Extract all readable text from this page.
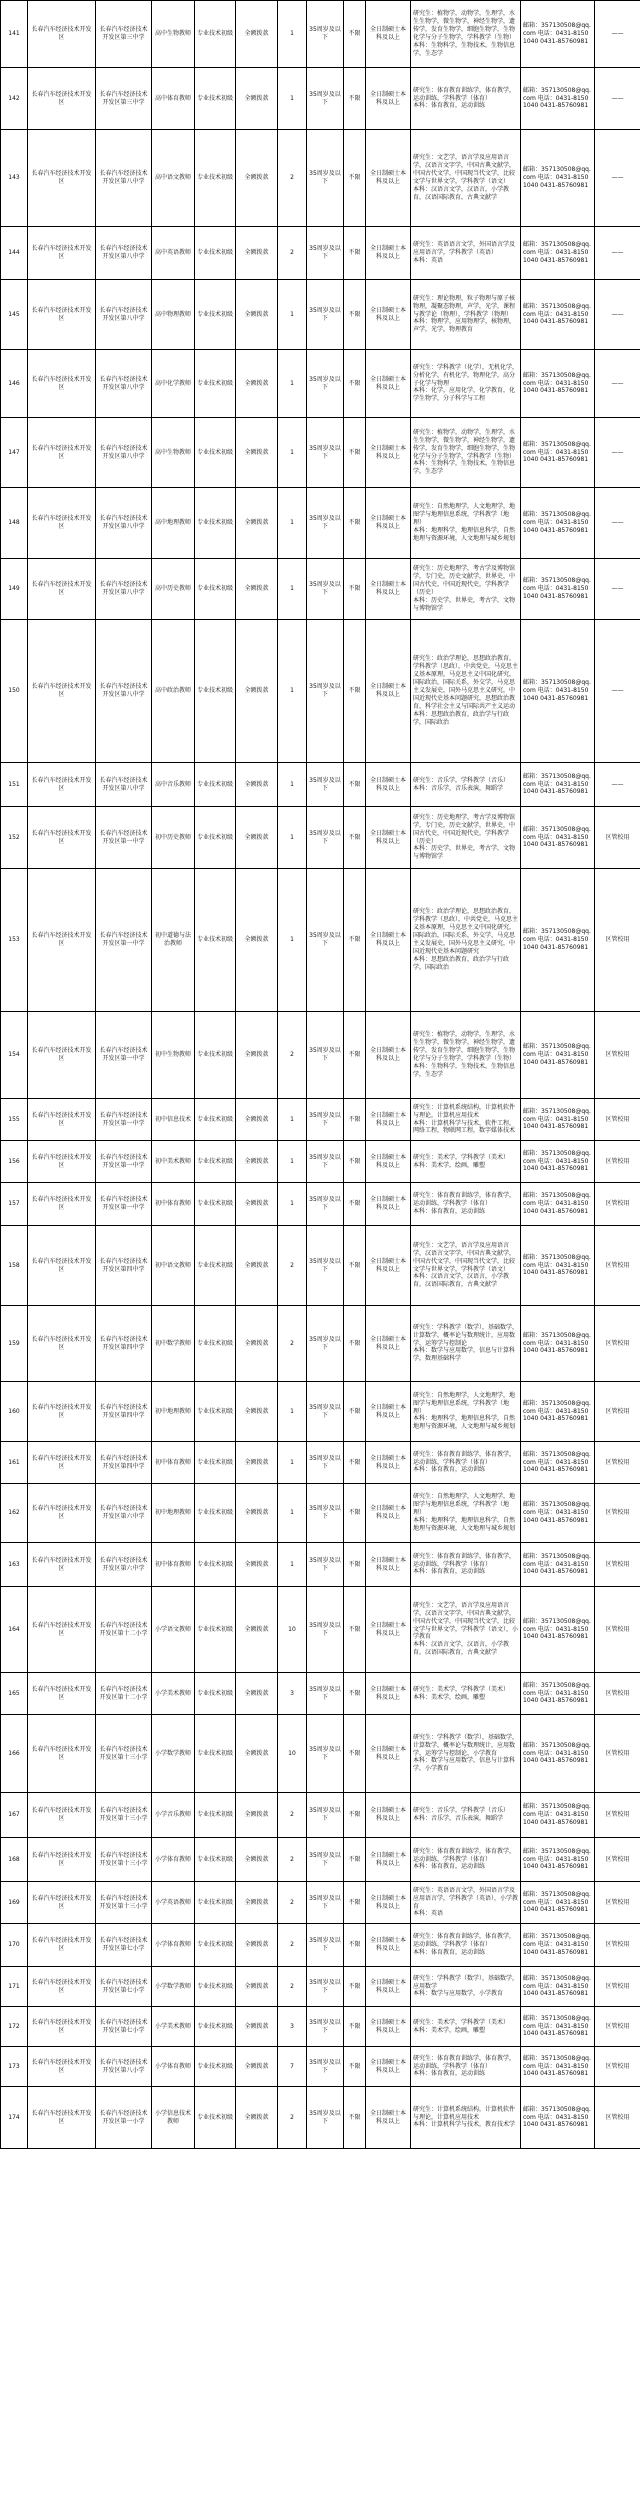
141	长春汽车经济技术开发区	长春汽车经济技术开发区第三中学	高中生物教师	专业技术初级	全额拨款	1	35周岁及以下	不限	全日制硕士本科及以上	研究生：植物学，动物学，生理学，水生生物学，微生物学，神经生物学，遗传学，发育生物学，细胞生物学，生物化学与分子生物学，学科教学（生物）
本科：生物科学，生物技术，生物信息学，生态学	邮箱：357130508@qq.com 电话：0431-81501040 0431-85760981	——
142	长春汽车经济技术开发区	长春汽车经济技术开发区第三中学	高中体育教师	专业技术初级	全额拨款	1	35周岁及以下	不限	全日制硕士本科及以上	研究生：体育教育训练学，体育教学，运动训练，学科教学（体育）
本科：体育教育，运动训练	邮箱：357130508@qq.com 电话：0431-81501040 0431-85760981	——
143	长春汽车经济技术开发区	长春汽车经济技术开发区第八中学	高中语文教师	专业技术初级	全额拨款	2	35周岁及以下	不限	全日制硕士本科及以上	研究生：文艺学，语言学及应用语言学，汉语言文字学，中国古典文献学，中国古代文学，中国现当代文学，比较文学与世界文学，学科教学（语文）
本科：汉语言文学，汉语言，小学教育，汉语国际教育，古典文献学	邮箱：357130508@qq.com 电话：0431-81501040 0431-85760981	——
144	长春汽车经济技术开发区	长春汽车经济技术开发区第八中学	高中英语教师	专业技术初级	全额拨款	2	35周岁及以下	不限	全日制硕士本科及以上	研究生：英语语言文学，外国语言学及应用语言学，学科教学（英语）
本科：英语	邮箱：357130508@qq.com 电话：0431-81501040 0431-85760981	——
145	长春汽车经济技术开发区	长春汽车经济技术开发区第八中学	高中物理教师	专业技术初级	全额拨款	1	35周岁及以下	不限	全日制硕士本科及以上	研究生：理论物理，粒子物理与原子核物理，凝聚态物理，声学，光学，课程与教学论（物理），学科教学（物理）
本科：物理学，应用物理学，核物理，声学，光学，物理教育	邮箱：357130508@qq.com 电话：0431-81501040 0431-85760981	——
146	长春汽车经济技术开发区	长春汽车经济技术开发区第八中学	高中化学教师	专业技术初级	全额拨款	1	35周岁及以下	不限	全日制硕士本科及以上	研究生：学科教学（化学），无机化学，分析化学，有机化学，物理化学，高分子化学与物理
本科：化学，应用化学，化学教育，化学生物学，分子科学与工程	邮箱：357130508@qq.com 电话：0431-81501040 0431-85760981	——
147	长春汽车经济技术开发区	长春汽车经济技术开发区第八中学	高中生物教师	专业技术初级	全额拨款	1	35周岁及以下	不限	全日制硕士本科及以上	研究生：植物学，动物学，生理学，水生生物学，微生物学，神经生物学，遗传学，发育生物学，细胞生物学，生物化学与分子生物学，学科教学（生物）
本科：生物科学，生物技术，生物信息学，生态学	邮箱：357130508@qq.com 电话：0431-81501040 0431-85760981	——
148	长春汽车经济技术开发区	长春汽车经济技术开发区第八中学	高中地理教师	专业技术初级	全额拨款	1	35周岁及以下	不限	全日制硕士本科及以上	研究生：自然地理学，人文地理学，地图学与地理信息系统，学科教学（地理）
本科：地理科学，地理信息科学，自然地理与资源环境，人文地理与城乡规划	邮箱：357130508@qq.com 电话：0431-81501040 0431-85760981	——
149	长春汽车经济技术开发区	长春汽车经济技术开发区第八中学	高中历史教师	专业技术初级	全额拨款	1	35周岁及以下	不限	全日制硕士本科及以上	研究生：历史地理学，考古学及博物馆学，专门史，历史文献学，世界史，中国古代史，中国近现代史，学科教学（历史）
本科：历史学，世界史，考古学，文物与博物馆学	邮箱：357130508@qq.com 电话：0431-81501040 0431-85760981	——
150	长春汽车经济技术开发区	长春汽车经济技术开发区第八中学	高中政治教师	专业技术初级	全额拨款	1	35周岁及以下	不限	全日制硕士本科及以上	研究生：政治学理论，思想政治教育，学科教学（思政），中共党史，马克思主义基本原理，马克思主义中国化研究，国际政治，国际关系，外交学，马克思主义发展史，国外马克思主义研究，中国近现代史基本问题研究，思想政治教育，科学社会主义与国际共产主义运动
本科：思想政治教育，政治学与行政学，国际政治	邮箱：357130508@qq.com 电话：0431-81501040 0431-85760981	——
151	长春汽车经济技术开发区	长春汽车经济技术开发区第八中学	高中音乐教师	专业技术初级	全额拨款	1	35周岁及以下	不限	全日制硕士本科及以上	研究生：音乐学，学科教学（音乐）
本科：音乐学，音乐表演，舞蹈学	邮箱：357130508@qq.com 电话：0431-81501040 0431-85760981	——
152	长春汽车经济技术开发区	长春汽车经济技术开发区第一中学	初中历史教师	专业技术初级	全额拨款	1	35周岁及以下	不限	全日制硕士本科及以上	研究生：历史地理学，考古学及博物馆学，专门史，历史文献学，世界史，中国古代史，中国近现代史，学科教学（历史）
本科：历史学，世界史，考古学，文物与博物馆学	邮箱：357130508@qq.com 电话：0431-81501040 0431-85760981	区管校用
153	长春汽车经济技术开发区	长春汽车经济技术开发区第一中学	初中道德与法治教师	专业技术初级	全额拨款	1	35周岁及以下	不限	全日制硕士本科及以上	研究生：政治学理论，思想政治教育，学科教学（思政），中共党史，马克思主义基本原理，马克思主义中国化研究，国际政治，国际关系，外交学，马克思主义发展史，国外马克思主义研究，中国近现代史基本问题研究
本科：思想政治教育，政治学与行政学，国际政治	邮箱：357130508@qq.com 电话：0431-81501040 0431-85760981	区管校用
154	长春汽车经济技术开发区	长春汽车经济技术开发区第一中学	初中生物教师	专业技术初级	全额拨款	2	35周岁及以下	不限	全日制硕士本科及以上	研究生：植物学，动物学，生理学，水生生物学，微生物学，神经生物学，遗传学，发育生物学，细胞生物学，生物化学与分子生物学，学科教学（生物）
本科：生物科学，生物技术，生物信息学，生态学	邮箱：357130508@qq.com 电话：0431-81501040 0431-85760981	区管校用
155	长春汽车经济技术开发区	长春汽车经济技术开发区第一中学	初中信息技术	专业技术初级	全额拨款	1	35周岁及以下	不限	全日制硕士本科及以上	研究生：计算机系统结构，计算机软件与理论，计算机应用技术
本科：计算机科学与技术，软件工程，网络工程，物联网工程，数字媒体技术	邮箱：357130508@qq.com 电话：0431-81501040 0431-85760981	区管校用
156	长春汽车经济技术开发区	长春汽车经济技术开发区第一中学	初中美术教师	专业技术初级	全额拨款	1	35周岁及以下	不限	全日制硕士本科及以上	研究生：美术学，学科教学（美术）
本科：美术学，绘画，雕塑	邮箱：357130508@qq.com 电话：0431-81501040 0431-85760981	区管校用
157	长春汽车经济技术开发区	长春汽车经济技术开发区第一中学	初中体育教师	专业技术初级	全额拨款	1	35周岁及以下	不限	全日制硕士本科及以上	研究生：体育教育训练学，体育教学，运动训练，学科教学（体育）
本科：体育教育，运动训练	邮箱：357130508@qq.com 电话：0431-81501040 0431-85760981	区管校用
158	长春汽车经济技术开发区	长春汽车经济技术开发区第四中学	初中语文教师	专业技术初级	全额拨款	2	35周岁及以下	不限	全日制硕士本科及以上	研究生：文艺学，语言学及应用语言学，汉语言文字学，中国古典文献学，中国古代文学，中国现当代文学，比较文学与世界文学，学科教学（语文）
本科：汉语言文学，汉语言，小学教育，汉语国际教育，古典文献学	邮箱：357130508@qq.com 电话：0431-81501040 0431-85760981	区管校用
159	长春汽车经济技术开发区	长春汽车经济技术开发区第四中学	初中数学教师	专业技术初级	全额拨款	2	35周岁及以下	不限	全日制硕士本科及以上	研究生：学科教学（数学），基础数学，计算数学，概率论与数理统计，应用数学，运筹学与控制论
本科：数学与应用数学，信息与计算科学，数理基础科学	邮箱：357130508@qq.com 电话：0431-81501040 0431-85760981	区管校用
160	长春汽车经济技术开发区	长春汽车经济技术开发区第四中学	初中地理教师	专业技术初级	全额拨款	1	35周岁及以下	不限	全日制硕士本科及以上	研究生：自然地理学，人文地理学，地图学与地理信息系统，学科教学（地理）
本科：地理科学，地理信息科学，自然地理与资源环境，人文地理与城乡规划	邮箱：357130508@qq.com 电话：0431-81501040 0431-85760981	区管校用
161	长春汽车经济技术开发区	长春汽车经济技术开发区第四中学	初中体育教师	专业技术初级	全额拨款	1	35周岁及以下	不限	全日制硕士本科及以上	研究生：体育教育训练学，体育教学，运动训练，学科教学（体育）
本科：体育教育，运动训练	邮箱：357130508@qq.com 电话：0431-81501040 0431-85760981	区管校用
162	长春汽车经济技术开发区	长春汽车经济技术开发区第六中学	初中地理教师	专业技术初级	全额拨款	1	35周岁及以下	不限	全日制硕士本科及以上	研究生：自然地理学，人文地理学，地图学与地理信息系统，学科教学（地理）
本科：地理科学，地理信息科学，自然地理与资源环境，人文地理与城乡规划	邮箱：357130508@qq.com 电话：0431-81501040 0431-85760981	区管校用
163	长春汽车经济技术开发区	长春汽车经济技术开发区第六中学	初中体育教师	专业技术初级	全额拨款	1	35周岁及以下	不限	全日制硕士本科及以上	研究生：体育教育训练学，体育教学，运动训练，学科教学（体育）
本科：体育教育，运动训练	邮箱：357130508@qq.com 电话：0431-81501040 0431-85760981	区管校用
164	长春汽车经济技术开发区	长春汽车经济技术开发区第十二小学	小学语文教师	专业技术初级	全额拨款	10	35周岁及以下	不限	全日制硕士本科及以上	研究生：文艺学，语言学及应用语言学，汉语言文字学，中国古典文献学，中国古代文学，中国现当代文学，比较文学与世界文学，学科教学（语文），小学教育
本科：汉语言文学，汉语言，小学教育，汉语国际教育，古典文献学	邮箱：357130508@qq.com 电话：0431-81501040 0431-85760981	区管校用
165	长春汽车经济技术开发区	长春汽车经济技术开发区第十二小学	小学美术教师	专业技术初级	全额拨款	3	35周岁及以下	不限	全日制硕士本科及以上	研究生：美术学，学科教学（美术）
本科：美术学，绘画，雕塑	邮箱：357130508@qq.com 电话：0431-81501040 0431-85760981	区管校用
166	长春汽车经济技术开发区	长春汽车经济技术开发区第十三小学	小学数学教师	专业技术初级	全额拨款	10	35周岁及以下	不限	全日制硕士本科及以上	研究生：学科教学（数学），基础数学，计算数学，概率论与数理统计，应用数学，运筹学与控制论，小学教育
本科：数学与应用数学，信息与计算科学，小学教育	邮箱：357130508@qq.com 电话：0431-81501040 0431-85760981	区管校用
167	长春汽车经济技术开发区	长春汽车经济技术开发区第十三小学	小学音乐教师	专业技术初级	全额拨款	2	35周岁及以下	不限	全日制硕士本科及以上	研究生：音乐学，学科教学（音乐）
本科：音乐学，音乐表演，舞蹈学	邮箱：357130508@qq.com 电话：0431-81501040 0431-85760981	区管校用
168	长春汽车经济技术开发区	长春汽车经济技术开发区第十三小学	小学体育教师	专业技术初级	全额拨款	2	35周岁及以下	不限	全日制硕士本科及以上	研究生：体育教育训练学，体育教学，运动训练，学科教学（体育）
本科：体育教育，运动训练	邮箱：357130508@qq.com 电话：0431-81501040 0431-85760981	区管校用
169	长春汽车经济技术开发区	长春汽车经济技术开发区第十三小学	小学英语教师	专业技术初级	全额拨款	2	35周岁及以下	不限	全日制硕士本科及以上	研究生：英语语言文学，外国语言学及应用语言学，学科教学（英语），小学教育
本科：英语	邮箱：357130508@qq.com 电话：0431-81501040 0431-85760981	区管校用
170	长春汽车经济技术开发区	长春汽车经济技术开发区第七小学	小学体育教师	专业技术初级	全额拨款	2	35周岁及以下	不限	全日制硕士本科及以上	研究生：体育教育训练学，体育教学，运动训练，学科教学（体育）
本科：体育教育，运动训练	邮箱：357130508@qq.com 电话：0431-81501040 0431-85760981	区管校用
171	长春汽车经济技术开发区	长春汽车经济技术开发区第七小学	小学数学教师	专业技术初级	全额拨款	2	35周岁及以下	不限	全日制硕士本科及以上	研究生：学科教学（数学），基础数学，应用数学
本科：数学与应用数学，小学教育	邮箱：357130508@qq.com 电话：0431-81501040 0431-85760981	区管校用
172	长春汽车经济技术开发区	长春汽车经济技术开发区第七小学	小学美术教师	专业技术初级	全额拨款	3	35周岁及以下	不限	全日制硕士本科及以上	研究生：美术学，学科教学（美术）
本科：美术学，绘画，雕塑	邮箱：357130508@qq.com 电话：0431-81501040 0431-85760981	区管校用
173	长春汽车经济技术开发区	长春汽车经济技术开发区第八小学	小学体育教师	专业技术初级	全额拨款	7	35周岁及以下	不限	全日制硕士本科及以上	研究生：体育教育训练学，体育教学，运动训练，学科教学（体育）
本科：体育教育，运动训练	邮箱：357130508@qq.com 电话：0431-81501040 0431-85760981	区管校用
174	长春汽车经济技术开发区	长春汽车经济技术开发区第一小学	小学信息技术教师	专业技术初级	全额拨款	2	35周岁及以下	不限	全日制硕士本科及以上	研究生：计算机系统结构，计算机软件与理论，计算机应用技术
本科：计算机科学与技术，教育技术学	邮箱：357130508@qq.com 电话：0431-81501040 0431-85760981	区管校用
